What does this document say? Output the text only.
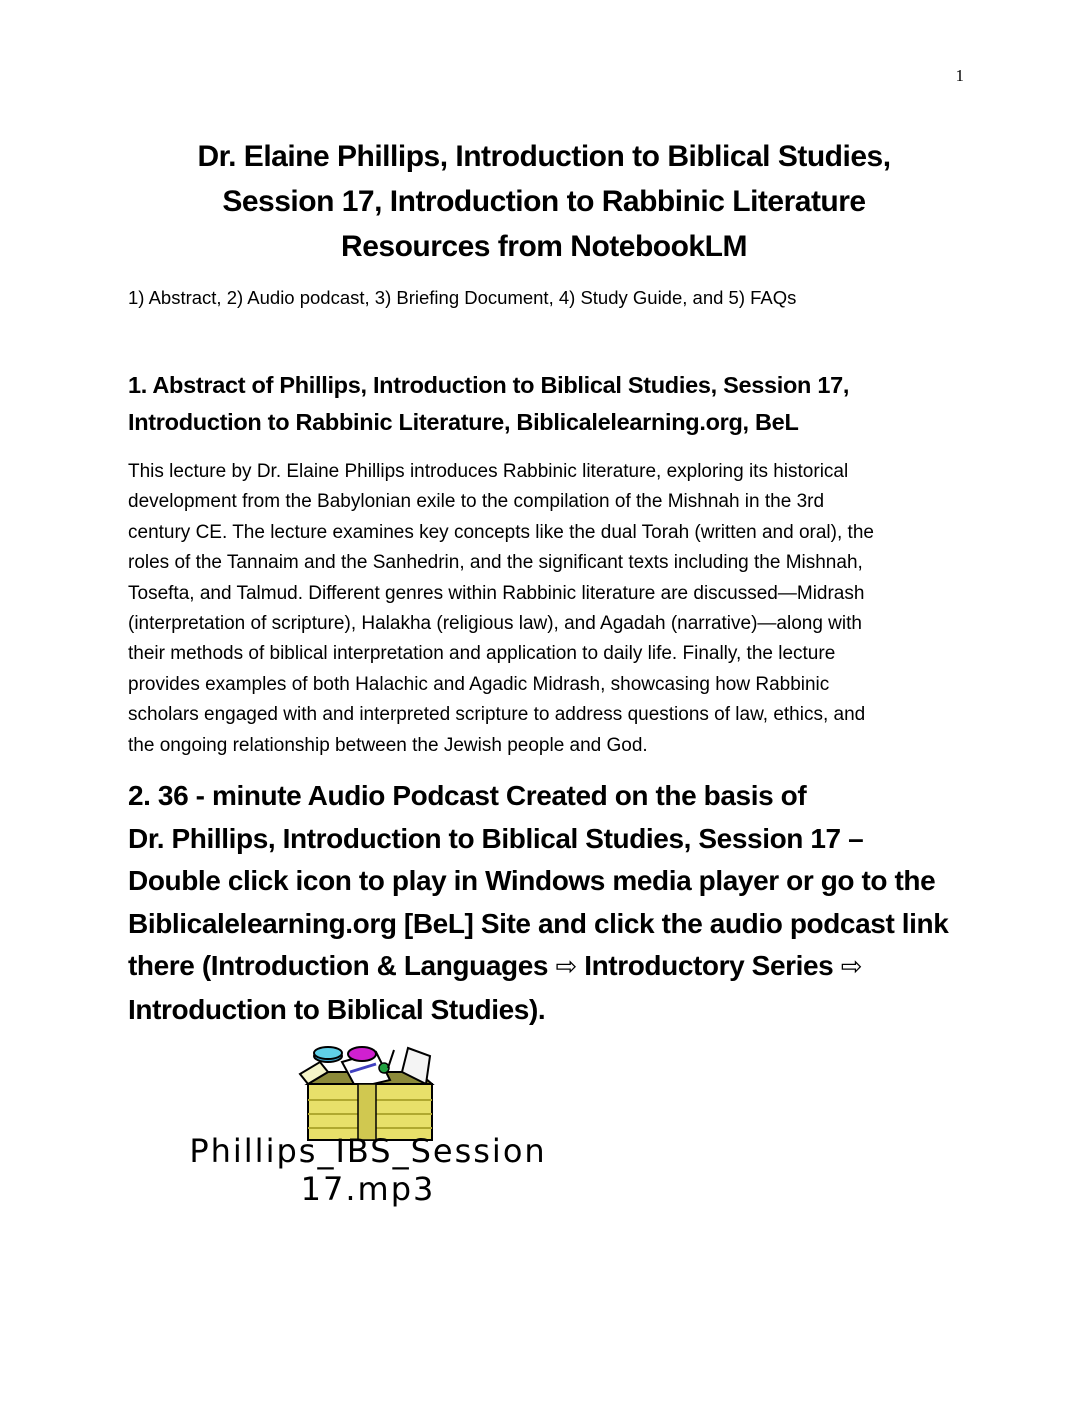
1
Dr. Elaine Phillips, Introduction to Biblical Studies,
Session 17, Introduction to Rabbinic Literature
Resources from NotebookLM
1) Abstract, 2) Audio podcast, 3) Briefing Document, 4) Study Guide, and 5) FAQs
1. Abstract of Phillips, Introduction to Biblical Studies, Session 17,
Introduction to Rabbinic Literature, Biblicalelearning.org, BeL
This lecture by Dr. Elaine Phillips introduces Rabbinic literature, exploring its historical
development from the Babylonian exile to the compilation of the Mishnah in the 3rd
century CE. The lecture examines key concepts like the dual Torah (written and oral), the
roles of the Tannaim and the Sanhedrin, and the significant texts including the Mishnah,
Tosefta, and Talmud. Different genres within Rabbinic literature are discussed—Midrash
(interpretation of scripture), Halakha (religious law), and Agadah (narrative)—along with
their methods of biblical interpretation and application to daily life. Finally, the lecture
provides examples of both Halachic and Agadic Midrash, showcasing how Rabbinic
scholars engaged with and interpreted scripture to address questions of law, ethics, and
the ongoing relationship between the Jewish people and God.
2. 36 - minute Audio Podcast Created on the basis of
Dr. Phillips, Introduction to Biblical Studies, Session 17 –
Double click icon to play in Windows media player or go to the
Biblicalelearning.org [BeL] Site and click the audio podcast link
there (Introduction & Languages ⇨ Introductory Series ⇨
Introduction to Biblical Studies).
Phillips_IBS_Session
17.mp3
